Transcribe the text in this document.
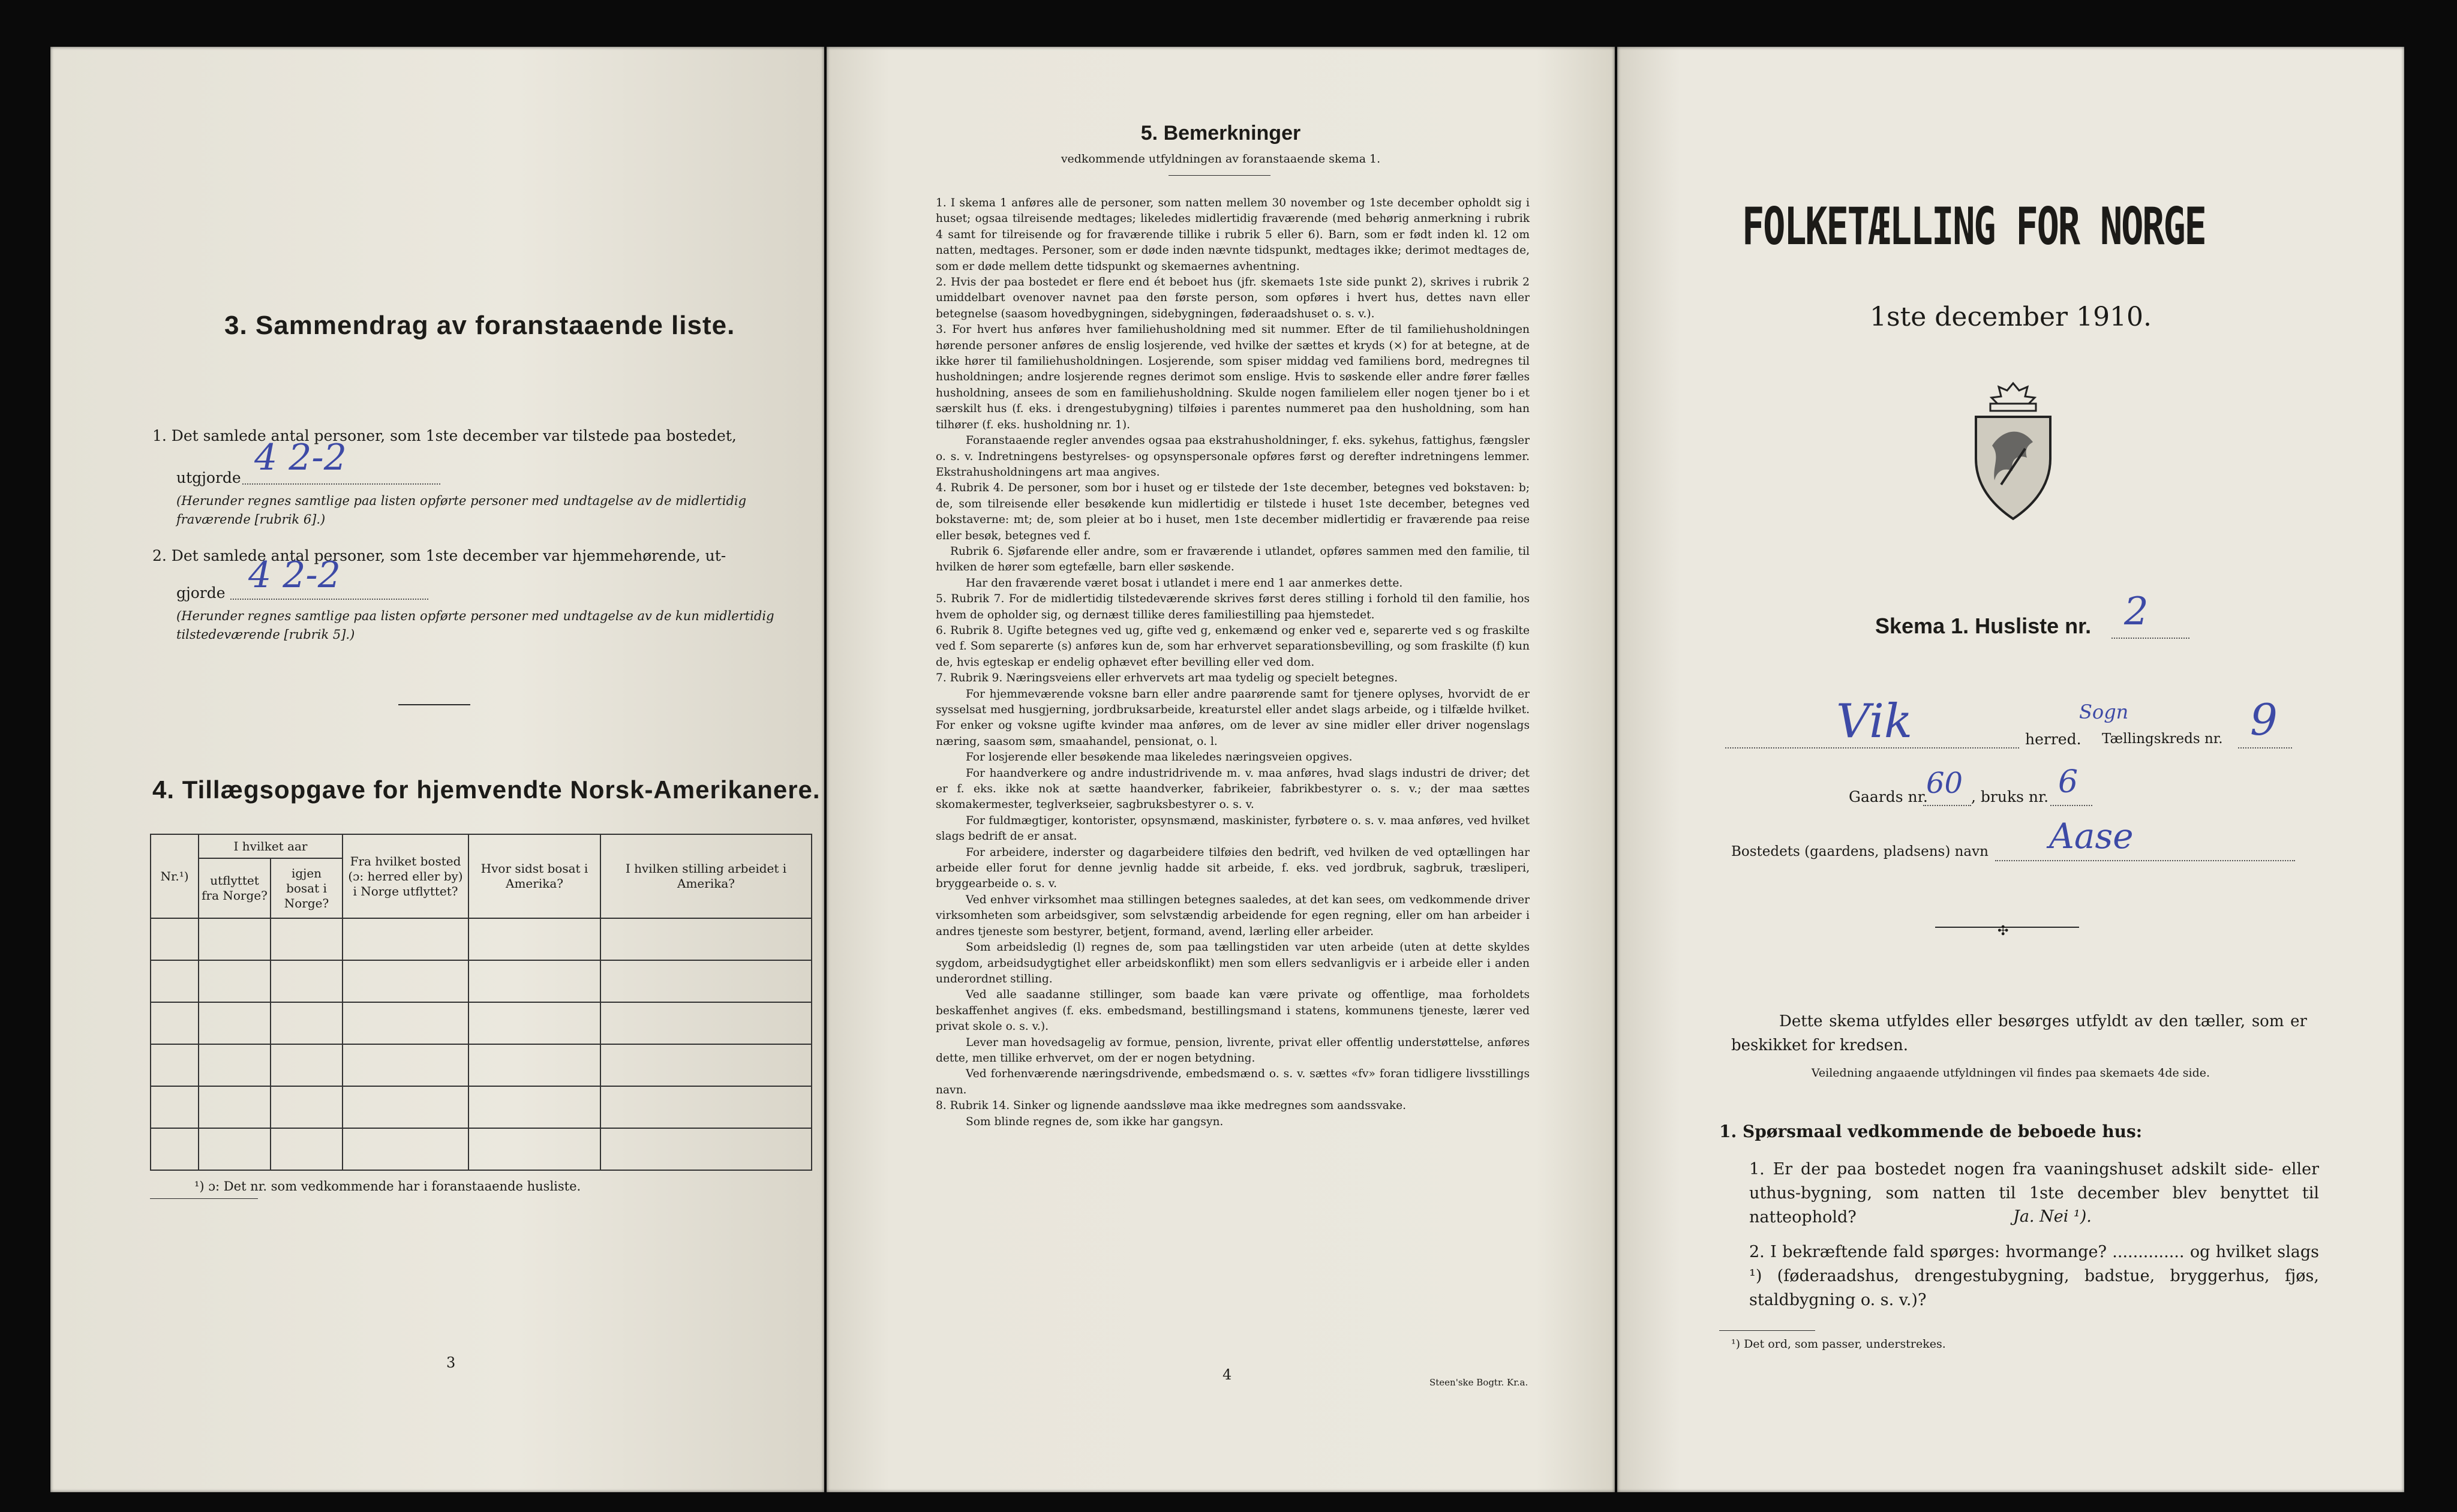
3. Sammendrag av foranstaaende liste.
1. Det samlede antal personer, som 1ste december var tilstede paa bostedet,
utgjorde 4 2-2
(Herunder regnes samtlige paa listen opførte personer med undtagelse av de midlertidig fraværende [rubrik 6].)
2. Det samlede antal personer, som 1ste december var hjemmehørende, ut-
gjorde 4 2-2
(Herunder regnes samtlige paa listen opførte personer med undtagelse av de kun midlertidig tilstedeværende [rubrik 5].)
4. Tillægsopgave for hjemvendte Norsk-Amerikanere.
Nr.¹)	I hvilket aar		Fra hvilket bosted (ɔ: herred eller by) i Norge utflyttet?	Hvor sidst bosat i Amerika?	I hvilken stilling arbeidet i Amerika?
	utflyttet fra Norge?	igjen bosat i Norge?			

¹) ɔ: Det nr. som vedkommende har i foranstaaende husliste.
3
5. Bemerkninger
vedkommende utfyldningen av foranstaaende skema 1.

1. I skema 1 anføres alle de personer, som natten mellem 30 november og 1ste december opholdt sig i huset; ogsaa tilreisende medtages; likeledes midlertidig fraværende (med behørig anmerkning i rubrik 4 samt for tilreisende og for fraværende tillike i rubrik 5 eller 6). Barn, som er født inden kl. 12 om natten, medtages. Personer, som er døde inden nævnte tidspunkt, medtages ikke; derimot medtages de, som er døde mellem dette tidspunkt og skemaernes avhentning.

2. Hvis der paa bostedet er flere end ét beboet hus (jfr. skemaets 1ste side punkt 2), skrives i rubrik 2 umiddelbart ovenover navnet paa den første person, som opføres i hvert hus, dettes navn eller betegnelse (saasom hovedbygningen, sidebygningen, føderaadshuset o. s. v.).

3. For hvert hus anføres hver familiehusholdning med sit nummer. Efter de til familiehusholdningen hørende personer anføres de enslig losjerende, ved hvilke der sættes et kryds (×) for at betegne, at de ikke hører til familiehusholdningen. Losjerende, som spiser middag ved familiens bord, medregnes til husholdningen; andre losjerende regnes derimot som enslige. Hvis to søskende eller andre fører fælles husholdning, ansees de som en familiehusholdning. Skulde nogen familielem eller nogen tjener bo i et særskilt hus (f. eks. i drengestubygning) tilføies i parentes nummeret paa den husholdning, som han tilhører (f. eks. husholdning nr. 1).

Foranstaaende regler anvendes ogsaa paa ekstrahusholdninger, f. eks. sykehus, fattighus, fængsler o. s. v. Indretningens bestyrelses- og opsynspersonale opføres først og derefter indretningens lemmer. Ekstrahusholdningens art maa angives.

4. Rubrik 4. De personer, som bor i huset og er tilstede der 1ste december, betegnes ved bokstaven: b; de, som tilreisende eller besøkende kun midlertidig er tilstede i huset 1ste december, betegnes ved bokstaverne: mt; de, som pleier at bo i huset, men 1ste december midlertidig er fraværende paa reise eller besøk, betegnes ved f.

Rubrik 6. Sjøfarende eller andre, som er fraværende i utlandet, opføres sammen med den familie, til hvilken de hører som egtefælle, barn eller søskende.

Har den fraværende været bosat i utlandet i mere end 1 aar anmerkes dette.

5. Rubrik 7. For de midlertidig tilstedeværende skrives først deres stilling i forhold til den familie, hos hvem de opholder sig, og dernæst tillike deres familiestilling paa hjemstedet.

6. Rubrik 8. Ugifte betegnes ved ug, gifte ved g, enkemænd og enker ved e, separerte ved s og fraskilte ved f. Som separerte (s) anføres kun de, som har erhvervet separationsbevilling, og som fraskilte (f) kun de, hvis egteskap er endelig ophævet efter bevilling eller ved dom.

7. Rubrik 9. Næringsveiens eller erhvervets art maa tydelig og specielt betegnes.

For hjemmeværende voksne barn eller andre paarørende samt for tjenere oplyses, hvorvidt de er sysselsat med husgjerning, jordbruksarbeide, kreaturstel eller andet slags arbeide, og i tilfælde hvilket. For enker og voksne ugifte kvinder maa anføres, om de lever av sine midler eller driver nogenslags næring, saasom søm, smaahandel, pensionat, o. l.

For losjerende eller besøkende maa likeledes næringsveien opgives.

For haandverkere og andre industridrivende m. v. maa anføres, hvad slags industri de driver; det er f. eks. ikke nok at sætte haandverker, fabrikeier, fabrikbestyrer o. s. v.; der maa sættes skomakermester, teglverkseier, sagbruksbestyrer o. s. v.

For fuldmægtiger, kontorister, opsynsmænd, maskinister, fyrbøtere o. s. v. maa anføres, ved hvilket slags bedrift de er ansat.

For arbeidere, inderster og dagarbeidere tilføies den bedrift, ved hvilken de ved optællingen har arbeide eller forut for denne jevnlig hadde sit arbeide, f. eks. ved jordbruk, sagbruk, træsliperi, bryggearbeide o. s. v.

Ved enhver virksomhet maa stillingen betegnes saaledes, at det kan sees, om vedkommende driver virksomheten som arbeidsgiver, som selvstændig arbeidende for egen regning, eller om han arbeider i andres tjeneste som bestyrer, betjent, formand, avend, lærling eller arbeider.

Som arbeidsledig (l) regnes de, som paa tællingstiden var uten arbeide (uten at dette skyldes sygdom, arbeidsudygtighet eller arbeidskonflikt) men som ellers sedvanligvis er i arbeide eller i anden underordnet stilling.

Ved alle saadanne stillinger, som baade kan være private og offentlige, maa forholdets beskaffenhet angives (f. eks. embedsmand, bestillingsmand i statens, kommunens tjeneste, lærer ved privat skole o. s. v.).

Lever man hovedsagelig av formue, pension, livrente, privat eller offentlig understøttelse, anføres dette, men tillike erhvervet, om der er nogen betydning.

Ved forhenværende næringsdrivende, embedsmænd o. s. v. sættes «fv» foran tidligere livsstillings navn.

8. Rubrik 14. Sinker og lignende aandssløve maa ikke medregnes som aandssvake.

Som blinde regnes de, som ikke har gangsyn.

4	Steen'ske Bogtr. Kr.a.
FOLKETÆLLING FOR NORGE
1ste december 1910.
Skema 1. Husliste nr. 2
Vik	herred.
Sogn
Tællingskreds nr. 9
Gaards nr.
60 , bruks nr. 6
Bostedets (gaardens, pladsens) navn Aase
✣
Dette skema utfyldes eller besørges utfyldt av den tæller, som er beskikket for kredsen.
Veiledning angaaende utfyldningen vil findes paa skemaets 4de side.
1. Spørsmaal vedkommende de beboede hus:
1. Er der paa bostedet nogen fra vaaningshuset adskilt side- eller uthus-bygning, som natten til 1ste december blev benyttet til natteophold?	Ja. Nei ¹).
2. I bekræftende fald spørges: hvormange? .............. og hvilket slags ¹) (føderaadshus, drengestubygning, badstue, bryggerhus, fjøs, staldbygning o. s. v.)?
¹) Det ord, som passer, understrekes.
